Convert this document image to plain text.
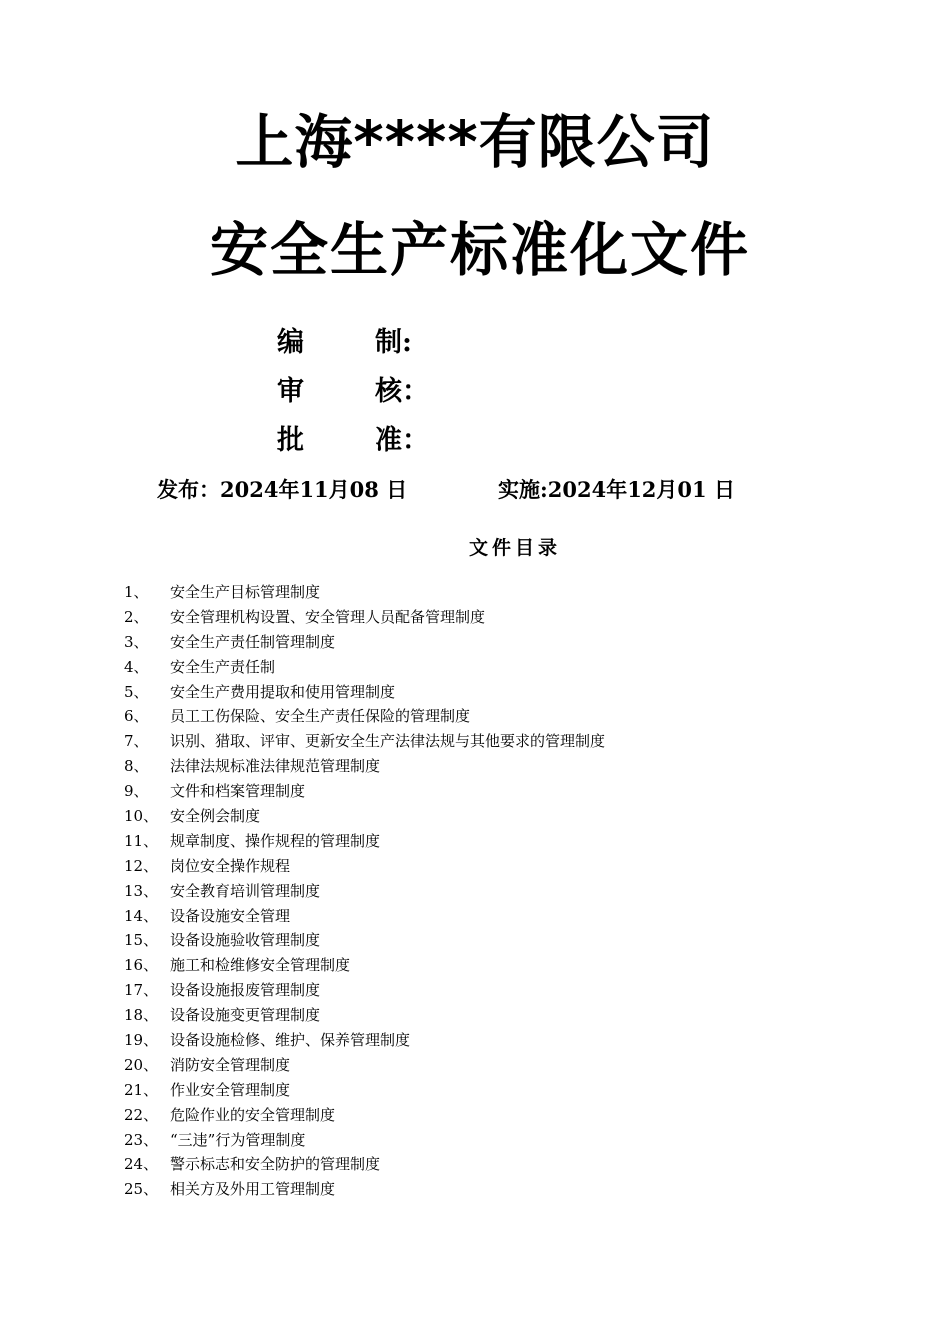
上海****有限公司
安全生产标准化文件
编制:
审核：
批准：
发布：2024年11月08 日	实施:2024年12月01 日
文件目录
1、 安全生产目标管理制度
2、 安全管理机构设置、安全管理人员配备管理制度
3、 安全生产责任制管理制度
4、 安全生产责任制
5、 安全生产费用提取和使用管理制度
6、 员工工伤保险、安全生产责任保险的管理制度
7、 识别、猎取、评审、更新安全生产法律法规与其他要求的管理制度
8、 法律法规标准法律规范管理制度
9、 文件和档案管理制度
10、 安全例会制度
11、 规章制度、操作规程的管理制度
12、 岗位安全操作规程
13、 安全教育培训管理制度
14、 设备设施安全管理
15、 设备设施验收管理制度
16、 施工和检维修安全管理制度
17、 设备设施报废管理制度
18、 设备设施变更管理制度
19、 设备设施检修、维护、保养管理制度
20、 消防安全管理制度
21、 作业安全管理制度
22、 危险作业的安全管理制度
23、 “三违”行为管理制度
24、 警示标志和安全防护的管理制度
25、 相关方及外用工管理制度
